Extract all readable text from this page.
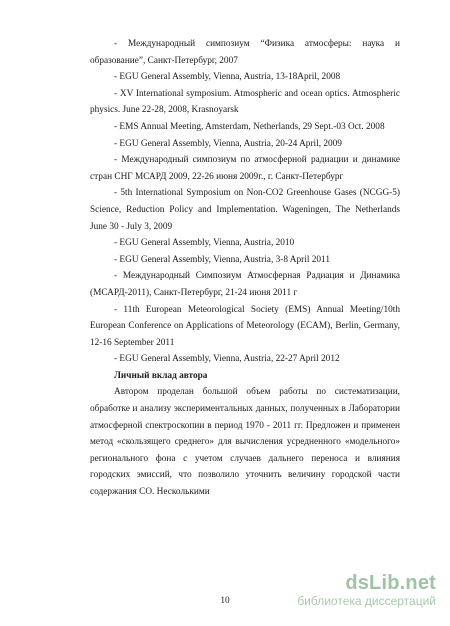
- Международный симпозиум “Физика атмосферы: наука и образование”, Санкт-Петербург, 2007

- EGU General Assembly, Vienna, Austria, 13-18April, 2008

- XV International symposium. Atmospheric and ocean optics. Atmospheric physics. June 22-28, 2008, Krasnoyarsk

- EMS Annual Meeting, Amsterdam, Netherlands, 29 Sept.-03 Oct. 2008

- EGU General Assembly, Vienna, Austria, 20-24 April, 2009

- Международный симпозиум по атмосферной радиации и динамике стран СНГ МСАРД 2009, 22-26 июня 2009г., г. Санкт-Петербург

- 5th International Symposium on Non-CO2 Greenhouse Gases (NCGG-5) Science, Reduction Policy and Implementation. Wageningen, The Netherlands June 30 - July 3, 2009

- EGU General Assembly, Vienna, Austria, 2010

- EGU General Assembly, Vienna, Austria, 3-8 April 2011

- Международный Симпозиум Атмосферная Радиация и Динамика (МСАРД-2011), Санкт-Петербург, 21-24 июня 2011 г

- 11th European Meteorological Society (EMS) Annual Meeting/10th European Conference on Applications of Meteorology (ECAM), Berlin, Germany, 12-16 September 2011

- EGU General Assembly, Vienna, Austria, 22-27 April 2012

Личный вклад автора

Автором проделан большой объем работы по систематизации, обработке и анализу экспериментальных данных, полученных в Лаборатории атмосферной спектроскопии в период 1970 - 2011 гг. Предложен и применен метод «скользящего среднего» для вычисления усредненного «модельного» регионального фона с учетом случаев дальнего переноса и влияния городских эмиссий, что позволило уточнить величину городской части содержания СО. Несколькими

10
dsLib.net
библиотека диссертаций
